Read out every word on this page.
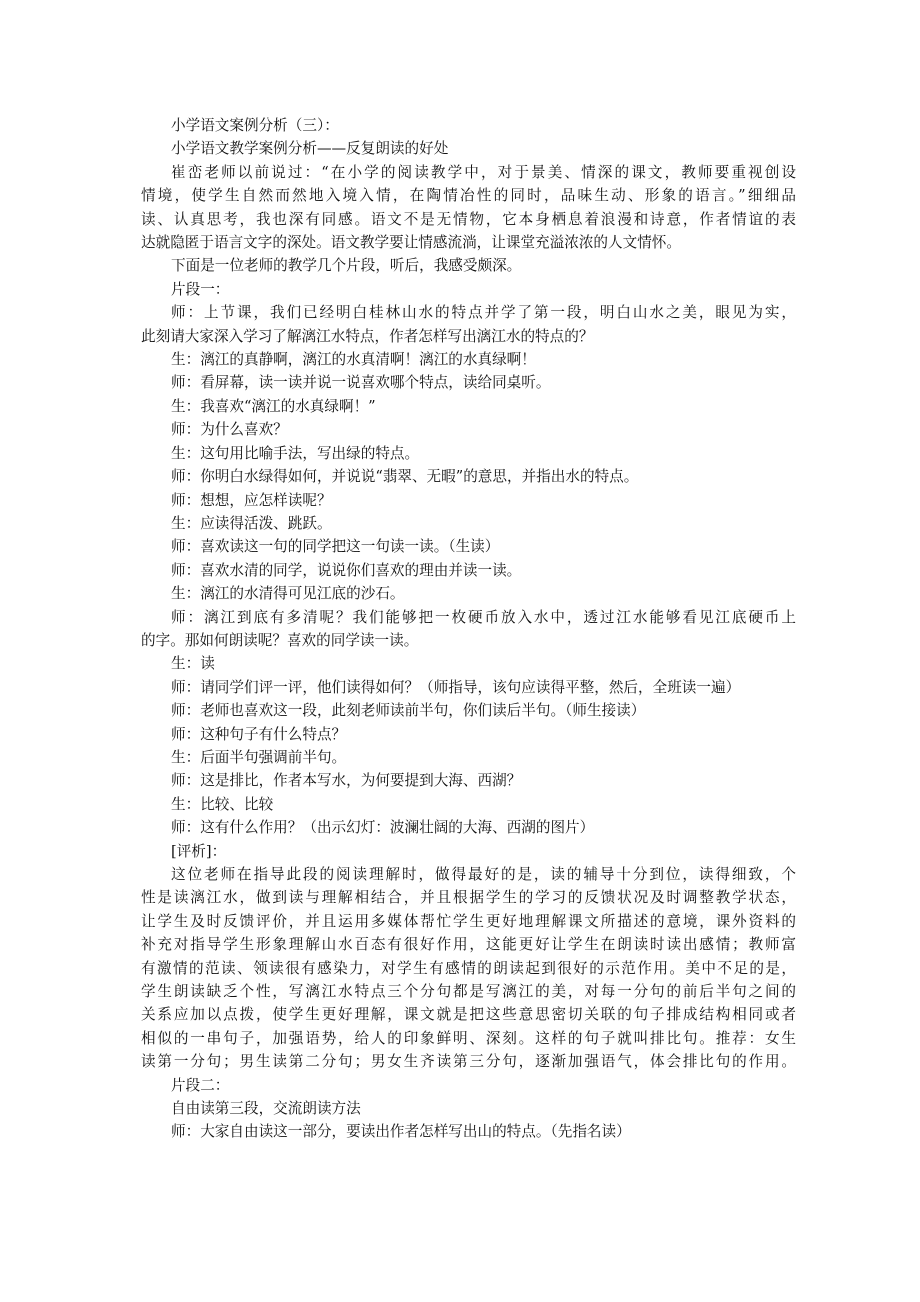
小学语文案例分析（三）：

小学语文教学案例分析——反复朗读的好处

崔峦老师以前说过：“在小学的阅读教学中，对于景美、情深的课文，教师要重视创设

情境，使学生自然而然地入境入情，在陶情冶性的同时，品味生动、形象的语言。”细细品

读、认真思考，我也深有同感。语文不是无情物，它本身栖息着浪漫和诗意，作者情谊的表

达就隐匿于语言文字的深处。语文教学要让情感流淌，让课堂充溢浓浓的人文情怀。

下面是一位老师的教学几个片段，听后，我感受颇深。

片段一：

师：上节课，我们已经明白桂林山水的特点并学了第一段，明白山水之美，眼见为实，

此刻请大家深入学习了解漓江水特点，作者怎样写出漓江水的特点的？

生：漓江的真静啊，漓江的水真清啊！漓江的水真绿啊！

师：看屏幕，读一读并说一说喜欢哪个特点，读给同桌听。

生：我喜欢“漓江的水真绿啊！”

师：为什么喜欢？

生：这句用比喻手法，写出绿的特点。

师：你明白水绿得如何，并说说“翡翠、无暇”的意思，并指出水的特点。

师：想想，应怎样读呢？

生：应读得活泼、跳跃。

师：喜欢读这一句的同学把这一句读一读。（生读）

师：喜欢水清的同学，说说你们喜欢的理由并读一读。

生：漓江的水清得可见江底的沙石。

师：漓江到底有多清呢？我们能够把一枚硬币放入水中，透过江水能够看见江底硬币上

的字。那如何朗读呢？喜欢的同学读一读。

生：读

师：请同学们评一评，他们读得如何？（师指导，该句应读得平整，然后，全班读一遍）

师：老师也喜欢这一段，此刻老师读前半句，你们读后半句。（师生接读）

师：这种句子有什么特点？

生：后面半句强调前半句。

师：这是排比，作者本写水，为何要提到大海、西湖？

生：比较、比较

师：这有什么作用？（出示幻灯：波澜壮阔的大海、西湖的图片）

[评析]：

这位老师在指导此段的阅读理解时，做得最好的是，读的辅导十分到位，读得细致，个

性是读漓江水，做到读与理解相结合，并且根据学生的学习的反馈状况及时调整教学状态，

让学生及时反馈评价，并且运用多媒体帮忙学生更好地理解课文所描述的意境，课外资料的

补充对指导学生形象理解山水百态有很好作用，这能更好让学生在朗读时读出感情；教师富

有激情的范读、领读很有感染力，对学生有感情的朗读起到很好的示范作用。美中不足的是，

学生朗读缺乏个性，写漓江水特点三个分句都是写漓江的美，对每一分句的前后半句之间的

关系应加以点拨，使学生更好理解，课文就是把这些意思密切关联的句子排成结构相同或者

相似的一串句子，加强语势，给人的印象鲜明、深刻。这样的句子就叫排比句。推荐：女生

读第一分句；男生读第二分句；男女生齐读第三分句，逐渐加强语气，体会排比句的作用。

片段二：

自由读第三段，交流朗读方法

师：大家自由读这一部分，要读出作者怎样写出山的特点。（先指名读）
